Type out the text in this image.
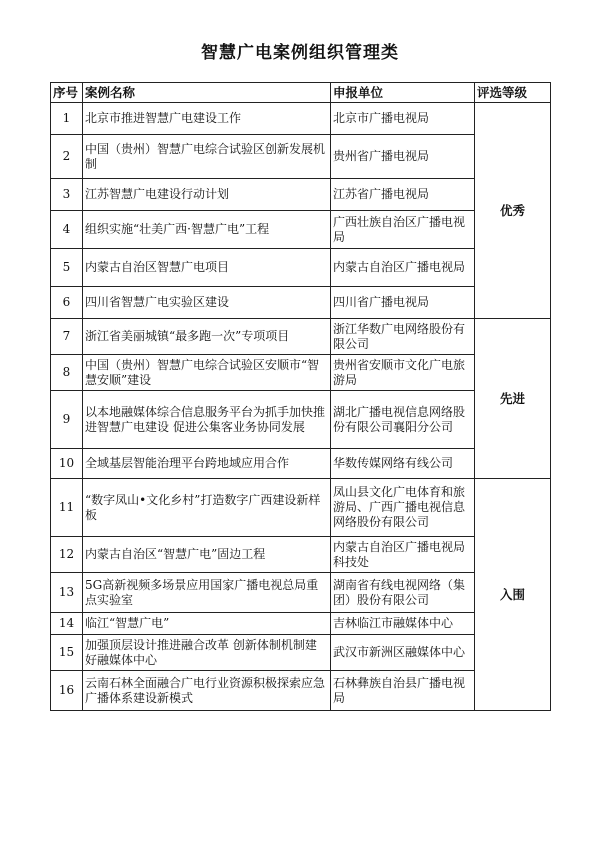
智慧广电案例组织管理类
序号	案例名称	申报单位	评选等级
1	北京市推进智慧广电建设工作	北京市广播电视局	优秀
2	中国（贵州）智慧广电综合试验区创新发展机制	贵州省广播电视局	
3	江苏智慧广电建设行动计划	江苏省广播电视局	
4	组织实施“壮美广西·智慧广电”工程	广西壮族自治区广播电视局	
5	内蒙古自治区智慧广电项目	内蒙古自治区广播电视局	
6	四川省智慧广电实验区建设	四川省广播电视局	
7	浙江省美丽城镇“最多跑一次”专项项目	浙江华数广电网络股份有限公司	先进
8	中国（贵州）智慧广电综合试验区安顺市“智慧安顺”建设	贵州省安顺市文化广电旅游局	
9	以本地融媒体综合信息服务平台为抓手加快推进智慧广电建设 促进公集客业务协同发展	湖北广播电视信息网络股份有限公司襄阳分公司	
10	全域基层智能治理平台跨地域应用合作	华数传媒网络有线公司	
11	“数字凤山•文化乡村”打造数字广西建设新样板	凤山县文化广电体育和旅游局、广西广播电视信息网络股份有限公司	入围
12	内蒙古自治区“智慧广电”固边工程	内蒙古自治区广播电视局科技处	
13	5G高新视频多场景应用国家广播电视总局重点实验室	湖南省有线电视网络（集团）股份有限公司	
14	临江“智慧广电”	吉林临江市融媒体中心	
15	加强顶层设计推进融合改革 创新体制机制建好融媒体中心	武汉市新洲区融媒体中心	
16	云南石林全面融合广电行业资源积极探索应急广播体系建设新模式	石林彝族自治县广播电视局	
